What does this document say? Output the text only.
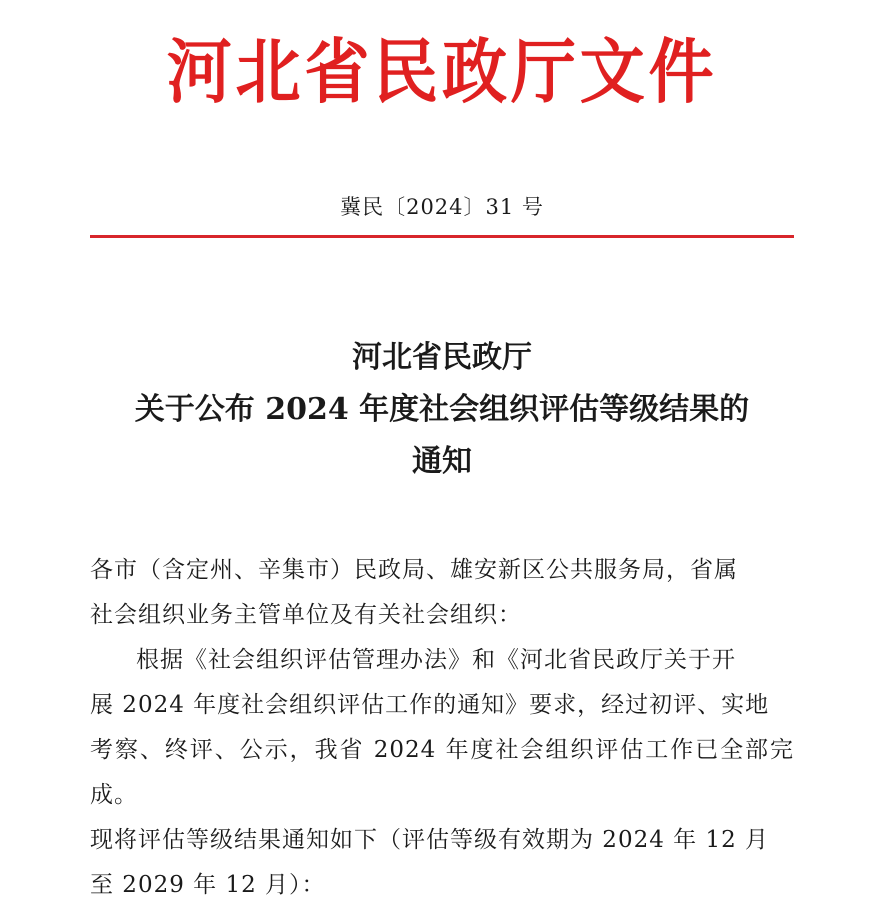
河北省民政厅文件
冀民〔2024〕31 号
河北省民政厅
关于公布 2024 年度社会组织评估等级结果的
通知

各市（含定州、辛集市）民政局、雄安新区公共服务局，省属

社会组织业务主管单位及有关社会组织：

根据《社会组织评估管理办法》和《河北省民政厅关于开

展 2024 年度社会组织评估工作的通知》要求，经过初评、实地

考察、终评、公示，我省 2024 年度社会组织评估工作已全部完成。

现将评估等级结果通知如下（评估等级有效期为 2024 年 12 月

至 2029 年 12 月）：
